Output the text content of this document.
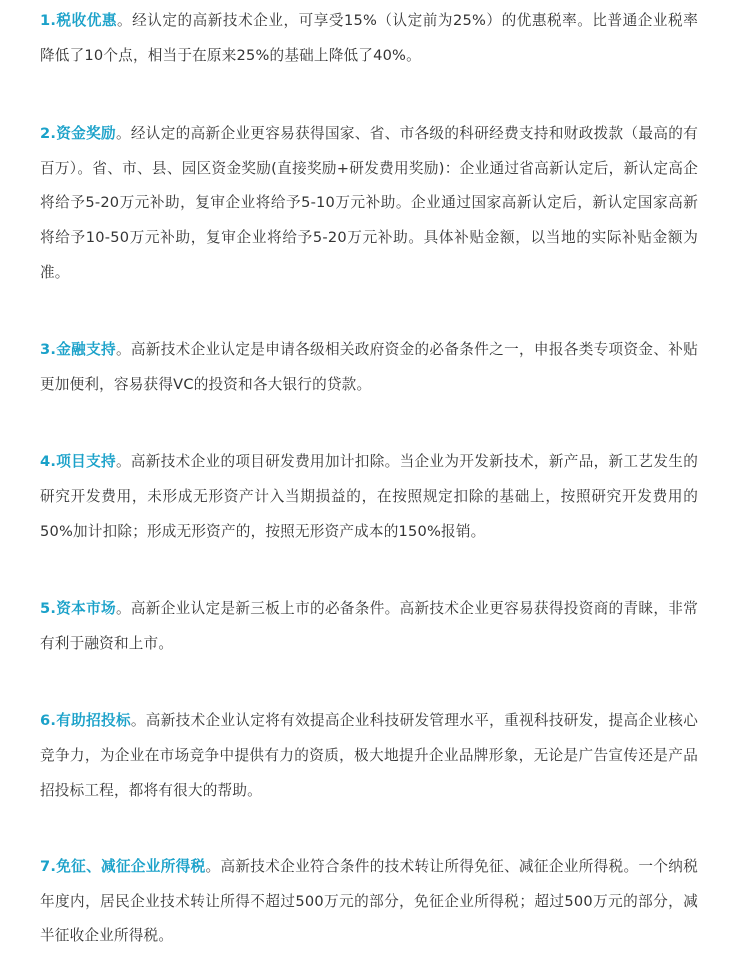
1.税收优惠。经认定的高新技术企业，可享受15%（认定前为25%）的优惠税率。比普通企业税率降低了10个点，相当于在原来25%的基础上降低了40%。

2.资金奖励。经认定的高新企业更容易获得国家、省、市各级的科研经费支持和财政拨款（最高的有百万）。省、市、县、园区资金奖励(直接奖励+研发费用奖励)：企业通过省高新认定后，新认定高企将给予5-20万元补助，复审企业将给予5-10万元补助。企业通过国家高新认定后，新认定国家高新将给予10-50万元补助，复审企业将给予5-20万元补助。具体补贴金额，以当地的实际补贴金额为准。

3.金融支持。高新技术企业认定是申请各级相关政府资金的必备条件之一，申报各类专项资金、补贴更加便利，容易获得VC的投资和各大银行的贷款。

4.项目支持。高新技术企业的项目研发费用加计扣除。当企业为开发新技术，新产品，新工艺发生的研究开发费用，未形成无形资产计入当期损益的，在按照规定扣除的基础上，按照研究开发费用的50%加计扣除；形成无形资产的，按照无形资产成本的150%报销。

5.资本市场。高新企业认定是新三板上市的必备条件。高新技术企业更容易获得投资商的青睐，非常有利于融资和上市。

6.有助招投标。高新技术企业认定将有效提高企业科技研发管理水平，重视科技研发，提高企业核心竞争力，为企业在市场竞争中提供有力的资质，极大地提升企业品牌形象，无论是广告宣传还是产品招投标工程，都将有很大的帮助。

7.免征、减征企业所得税。高新技术企业符合条件的技术转让所得免征、减征企业所得税。一个纳税年度内，居民企业技术转让所得不超过500万元的部分，免征企业所得税；超过500万元的部分，减半征收企业所得税。
